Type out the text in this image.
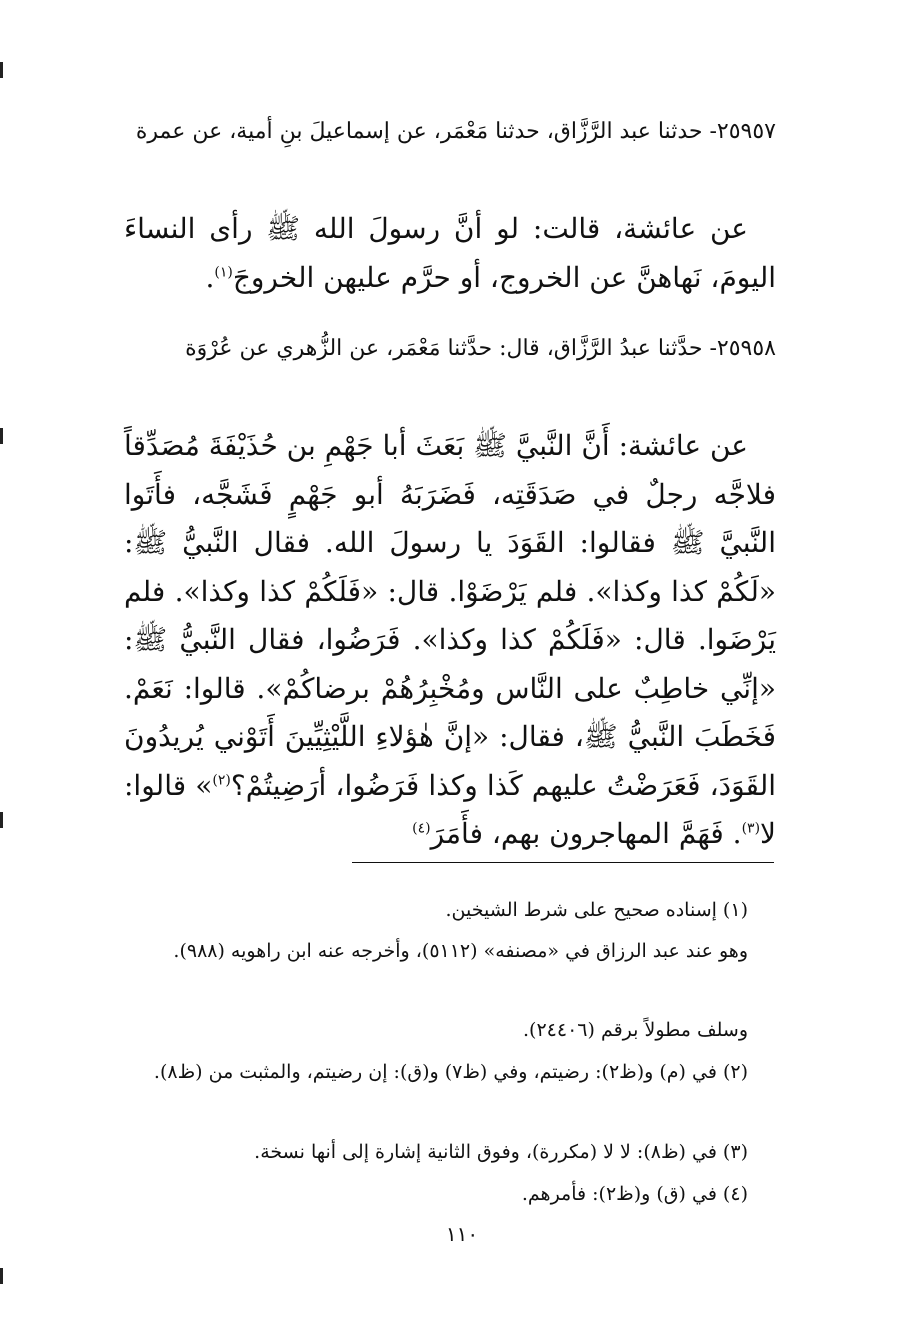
٢٥٩٥٧- حدثنا عبد الرَّزَّاق، حدثنا مَعْمَر، عن إسماعيلَ بنِ أمية، عن عمرة

عن عائشة، قالت: لو أنَّ رسولَ الله ﷺ رأى النساءَ اليومَ، نَهاهنَّ عن الخروج، أو حرَّم عليهن الخروجَ$^{(١)}$.

٢٥٩٥٨- حدَّثنا عبدُ الرَّزَّاق، قال: حدَّثنا مَعْمَر، عن الزُّهري عن عُرْوَة

عن عائشة: أَنَّ النَّبيَّ ﷺ بَعَثَ أبا جَهْمِ بن حُذَيْفَةَ مُصَدِّقاً فلاجَّه رجلٌ في صَدَقَتِه، فَضَرَبَهُ أبو جَهْمٍ فَشَجَّه، فأَتَوا النَّبيَّ ﷺ فقالوا: القَوَدَ يا رسولَ الله. فقال النَّبيُّ ﷺ: «لَكُمْ كذا وكذا». فلم يَرْضَوْا. قال: «فَلَكُمْ كذا وكذا». فلم يَرْضَوا. قال: «فَلَكُمْ كذا وكذا». فَرَضُوا، فقال النَّبيُّ ﷺ: «إنِّي خاطِبٌ على النَّاس ومُخْبِرُهُمْ برضاكُمْ». قالوا: نَعَمْ. فَخَطَبَ النَّبيُّ ﷺ، فقال: «إنَّ هٰؤلاءِ اللَّيْثِيِّينَ أَتَوْني يُريدُونَ القَوَدَ، فَعَرَضْتُ عليهم كَذا وكذا فَرَضُوا، أرَضِيتُمْ؟$^{(٢)}$» قالوا: لا$^{(٣)}$. فَهَمَّ المهاجرون بهم، فأَمَرَ$^{(٤)}$

(١) إسناده صحيح على شرط الشيخين.

وهو عند عبد الرزاق في «مصنفه» (٥١١٢)، وأخرجه عنه ابن راهويه (٩٨٨).

وسلف مطولاً برقم (٢٤٤٠٦).

(٢) في (م) و(ظ٢): رضيتم، وفي (ظ٧) و(ق): إن رضيتم، والمثبت من (ظ٨).

(٣) في (ظ٨): لا لا (مكررة)، وفوق الثانية إشارة إلى أنها نسخة.

(٤) في (ق) و(ظ٢): فأمرهم.

١١٠
